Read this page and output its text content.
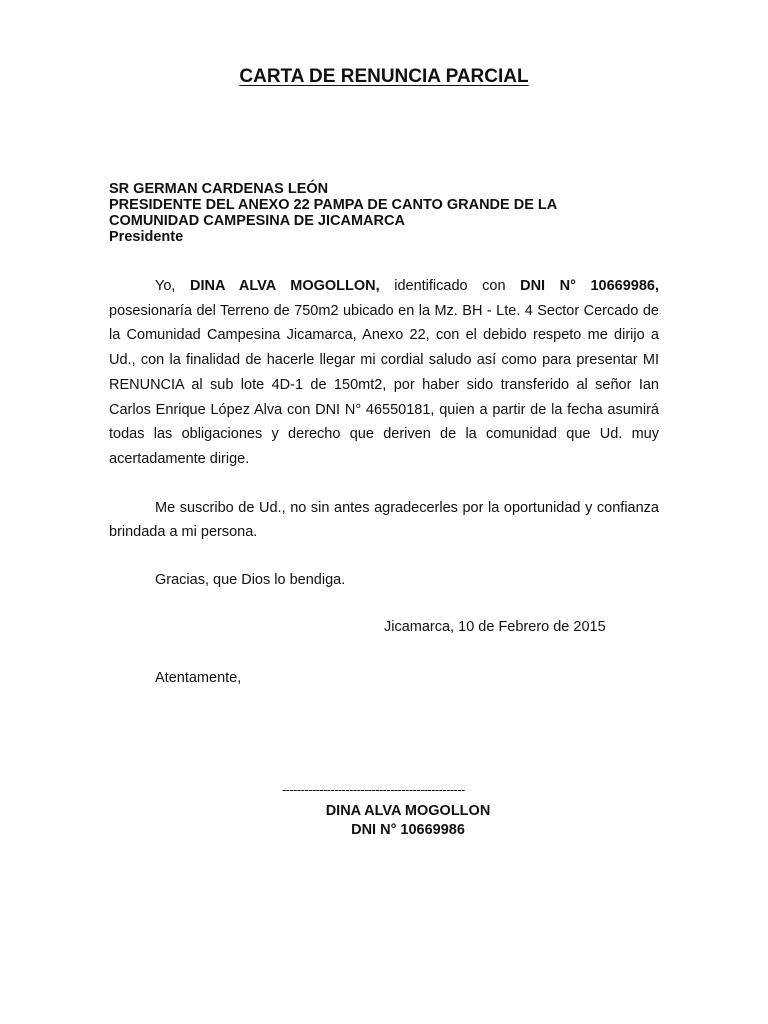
CARTA DE RENUNCIA PARCIAL
SR GERMAN CARDENAS LEÓN
PRESIDENTE DEL ANEXO 22 PAMPA DE CANTO GRANDE DE LA
COMUNIDAD CAMPESINA DE JICAMARCA
Presidente

Yo, DINA ALVA MOGOLLON, identificado con DNI N° 10669986, posesionaría del Terreno de 750m2 ubicado en la Mz. BH - Lte. 4 Sector Cercado de la Comunidad Campesina Jicamarca, Anexo 22, con el debido respeto me dirijo a Ud., con la finalidad de hacerle llegar mi cordial saludo así como para presentar MI RENUNCIA al sub lote 4D-1 de 150mt2, por haber sido transferido al señor Ian Carlos Enrique López Alva con DNI N° 46550181, quien a partir de la fecha asumirá todas las obligaciones y derecho que deriven de la comunidad que Ud. muy acertadamente dirige.

Me suscribo de Ud., no sin antes agradecerles por la oportunidad y confianza brindada a mi persona.

Gracias, que Dios lo bendiga.

Jicamarca, 10 de Febrero de 2015
Atentamente,
-------------------------------------------------
DINA ALVA MOGOLLON
DNI N° 10669986
